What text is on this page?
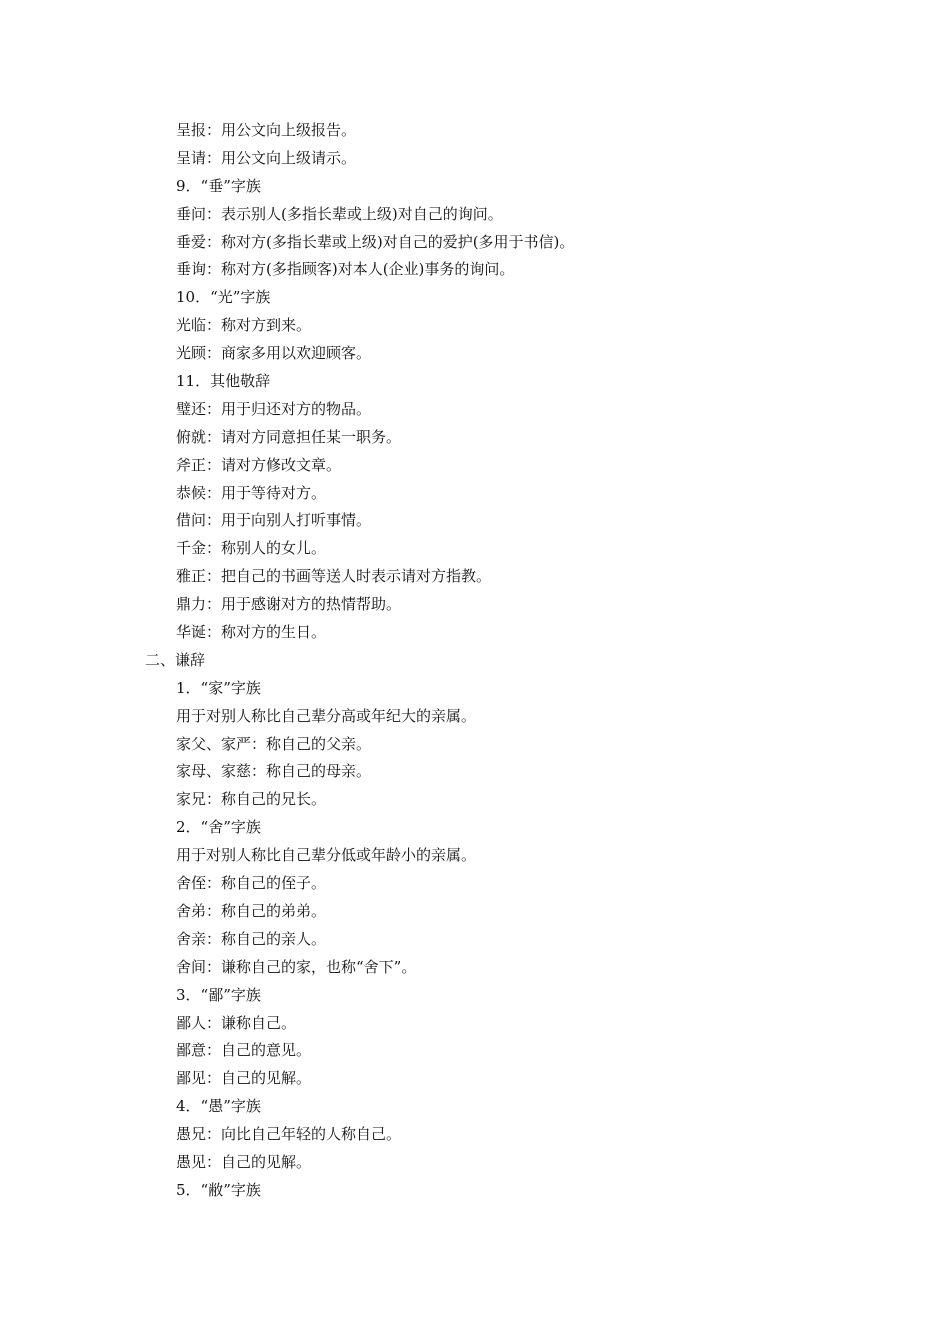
呈报：用公文向上级报告。
呈请：用公文向上级请示。
9．“垂”字族
垂问：表示别人(多指长辈或上级)对自己的询问。
垂爱：称对方(多指长辈或上级)对自己的爱护(多用于书信)。
垂询：称对方(多指顾客)对本人(企业)事务的询问。
10．“光”字族
光临：称对方到来。
光顾：商家多用以欢迎顾客。
11．其他敬辞
璧还：用于归还对方的物品。
俯就：请对方同意担任某一职务。
斧正：请对方修改文章。
恭候：用于等待对方。
借问：用于向别人打听事情。
千金：称别人的女儿。
雅正：把自己的书画等送人时表示请对方指教。
鼎力：用于感谢对方的热情帮助。
华诞：称对方的生日。
二、谦辞
1．“家”字族
用于对别人称比自己辈分高或年纪大的亲属。
家父、家严：称自己的父亲。
家母、家慈：称自己的母亲。
家兄：称自己的兄长。
2．“舍”字族
用于对别人称比自己辈分低或年龄小的亲属。
舍侄：称自己的侄子。
舍弟：称自己的弟弟。
舍亲：称自己的亲人。
舍间：谦称自己的家，也称“舍下”。
3．“鄙”字族
鄙人：谦称自己。
鄙意：自己的意见。
鄙见：自己的见解。
4．“愚”字族
愚兄：向比自己年轻的人称自己。
愚见：自己的见解。
5．“敝”字族
